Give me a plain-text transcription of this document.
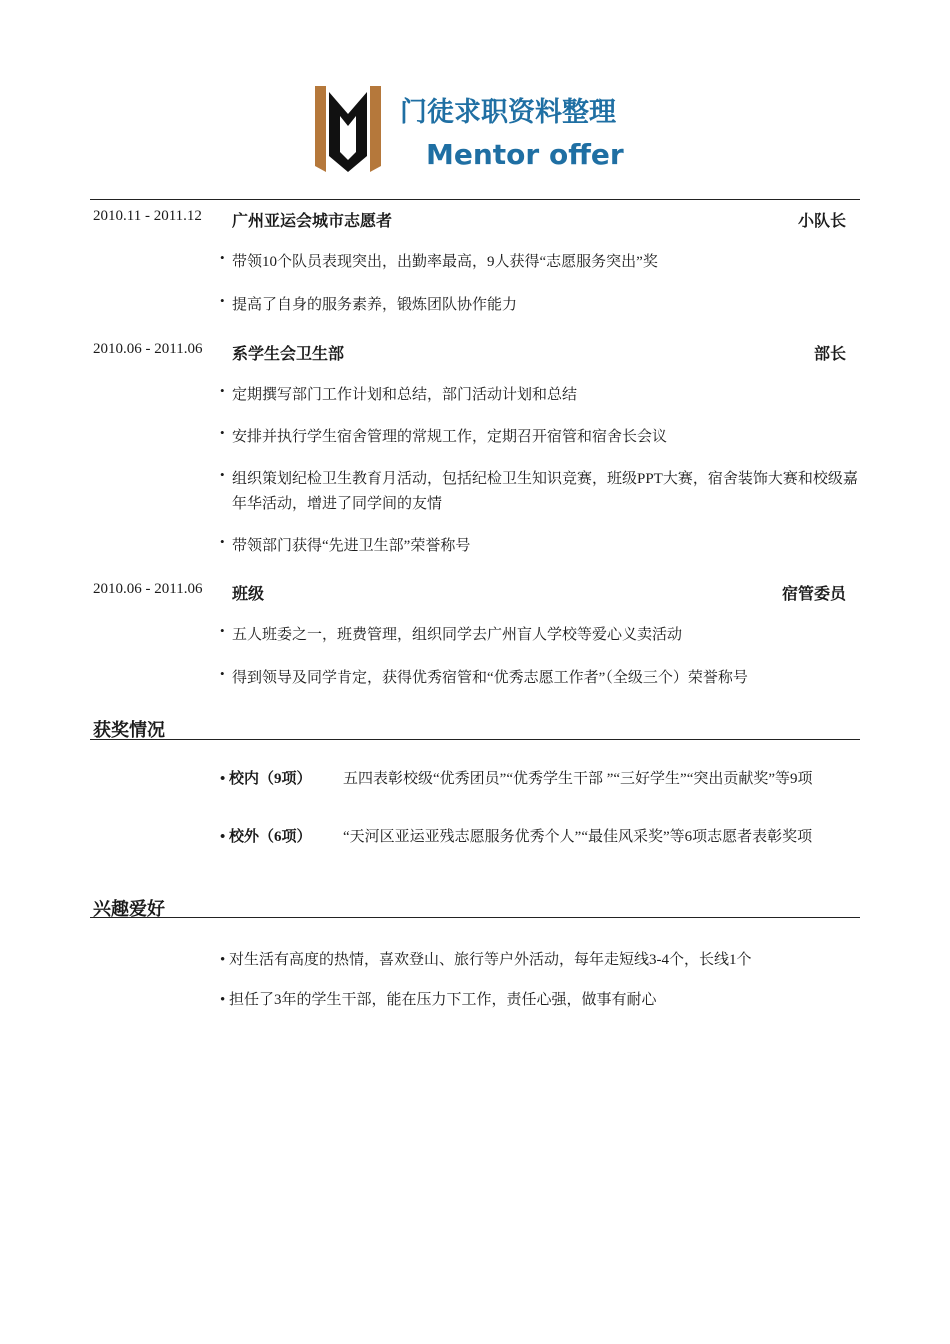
门徒求职资料整理
Mentor offer
2010.11 - 2011.12 广州亚运会城市志愿者	小队长
• 带领10个队员表现突出，出勤率最高，9人获得“志愿服务突出”奖
• 提高了自身的服务素养，锻炼团队协作能力
2010.06 - 2011.06 系学生会卫生部	部长
• 定期撰写部门工作计划和总结，部门活动计划和总结
• 安排并执行学生宿舍管理的常规工作，定期召开宿管和宿舍长会议
• 组织策划纪检卫生教育月活动，包括纪检卫生知识竞赛，班级PPT大赛，宿舍装饰大赛和校级嘉年华活动，增进了同学间的友情
• 带领部门获得“先进卫生部”荣誉称号
2010.06 - 2011.06 班级	宿管委员
• 五人班委之一，班费管理，组织同学去广州盲人学校等爱心义卖活动
• 得到领导及同学肯定，获得优秀宿管和“优秀志愿工作者”（全级三个）荣誉称号
获奖情况
• 校内（9项） 五四表彰校级“优秀团员”“优秀学生干部 ”“三好学生”“突出贡献奖”等9项
• 校外（6项） “天河区亚运亚残志愿服务优秀个人”“最佳风采奖”等6项志愿者表彰奖项
兴趣爱好
• 对生活有高度的热情，喜欢登山、旅行等户外活动，每年走短线3-4个，长线1个
• 担任了3年的学生干部，能在压力下工作，责任心强，做事有耐心
